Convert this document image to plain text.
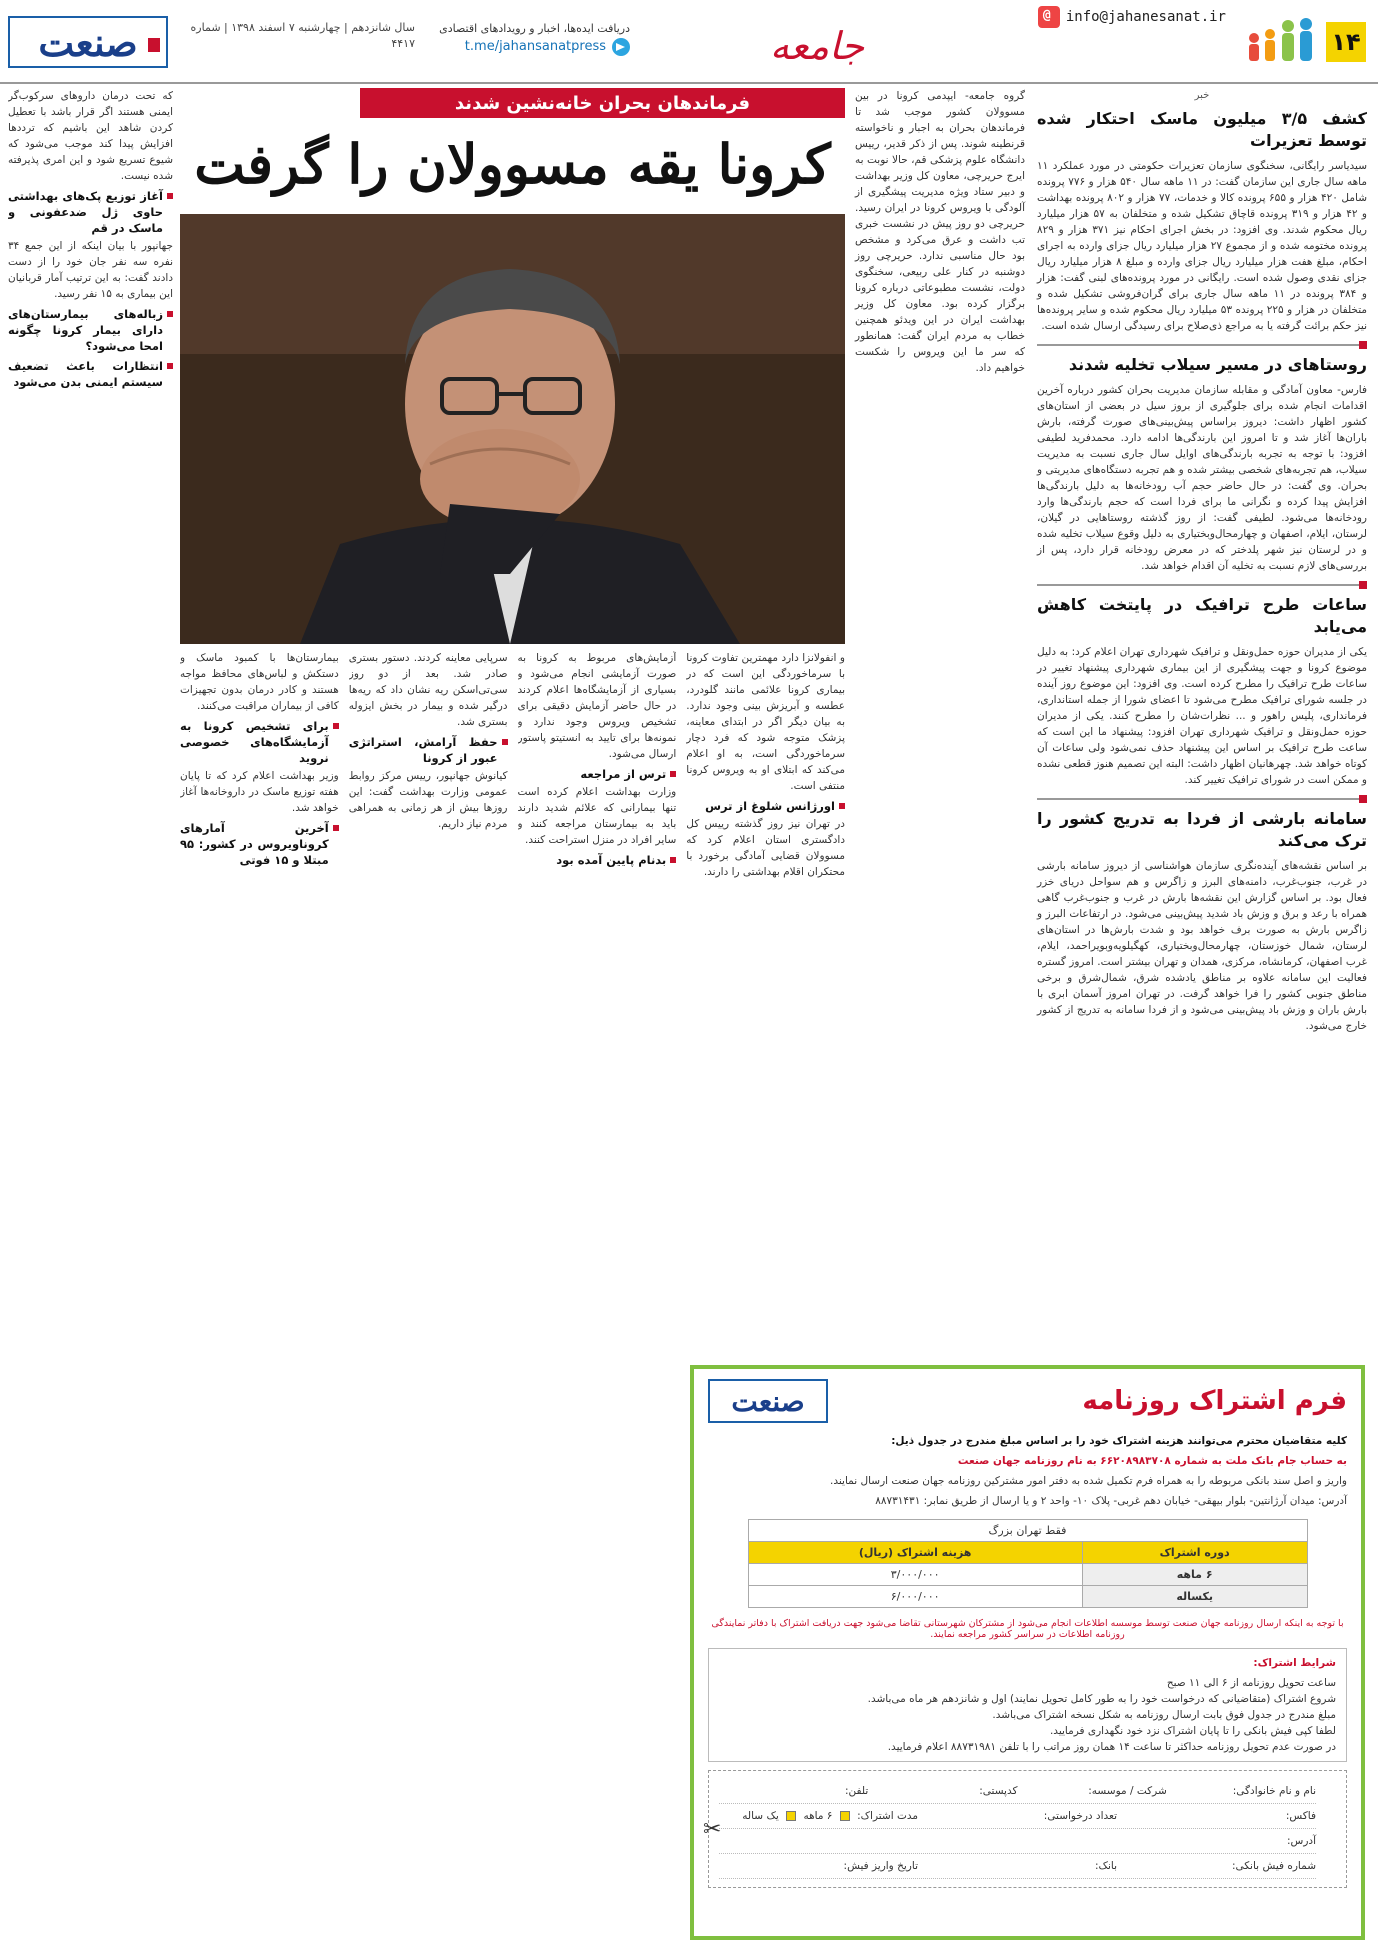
۱۴
@
info@jahanesanat.ir
جامعه
دریافت ایده‌ها، اخبار و رویدادهای اقتصادی
t.me/jahansanatpress
سال شانزدهم | چهارشنبه ۷ اسفند ۱۳۹۸ | شماره ۴۴۱۷
صنعت
خبر
کشف ۳/۵ میلیون ماسک احتکار شده توسط تعزیرات
سیدیاسر رایگانی، سخنگوی سازمان تعزیرات حکومتی در مورد عملکرد ۱۱ ماهه سال جاری این سازمان گفت: در ۱۱ ماهه سال ۵۴۰ هزار و ۷۷۶ پرونده شامل ۴۲۰ هزار و ۶۵۵ پرونده کالا و خدمات، ۷۷ هزار و ۸۰۲ پرونده بهداشت و ۴۲ هزار و ۳۱۹ پرونده قاچاق تشکیل شده و متخلفان به ۵۷ هزار میلیارد ریال محکوم شدند. وی افزود: در بخش اجرای احکام نیز ۳۷۱ هزار و ۸۲۹ پرونده مختومه شده و از مجموع ۲۷ هزار میلیارد ریال جزای وارده به اجرای احکام، مبلغ هفت هزار میلیارد ریال جزای وارده و مبلغ ۸ هزار میلیارد ریال جزای نقدی وصول شده است. رایگانی در مورد پرونده‌های لبنی گفت: هزار و ۳۸۴ پرونده در ۱۱ ماهه سال جاری برای گران‌فروشی تشکیل شده و متخلفان در هزار و ۲۲۵ پرونده ۵۳ میلیارد ریال محکوم شده و سایر پرونده‌ها نیز حکم برائت گرفته یا به مراجع ذی‌صلاح برای رسیدگی ارسال شده است.
روستاهای در مسیر سیلاب تخلیه شدند
فارس- معاون آمادگی و مقابله سازمان مدیریت بحران کشور درباره آخرین اقدامات انجام شده برای جلوگیری از بروز سیل در بعضی از استان‌های کشور اظهار داشت: دیروز براساس پیش‌بینی‌های صورت گرفته، بارش باران‌ها آغاز شد و تا امروز این بارندگی‌ها ادامه دارد. محمدفرید لطیفی افزود: با توجه به تجربه بارندگی‌های اوایل سال جاری نسبت به مدیریت سیلاب، هم تجربه‌های شخصی بیشتر شده و هم تجربه دستگاه‌های مدیریتی و بحران. وی گفت: در حال حاضر حجم آب رودخانه‌ها به دلیل بارندگی‌ها افزایش پیدا کرده و نگرانی ما برای فردا است که حجم بارندگی‌ها وارد رودخانه‌ها می‌شود. لطیفی گفت: از روز گذشته روستاهایی در گیلان، لرستان، ایلام، اصفهان و چهارمحال‌وبختیاری به دلیل وقوع سیلاب تخلیه شده و در لرستان نیز شهر پلدختر که در معرض رودخانه قرار دارد، پس از بررسی‌های لازم نسبت به تخلیه آن اقدام خواهد شد.
ساعات طرح ترافیک در پایتخت کاهش می‌یابد
یکی از مدیران حوزه حمل‌ونقل و ترافیک شهرداری تهران اعلام کرد: به دلیل موضوع کرونا و جهت پیشگیری از این بیماری شهرداری پیشنهاد تغییر در ساعات طرح ترافیک را مطرح کرده است. وی افزود: این موضوع روز آینده در جلسه شورای ترافیک مطرح می‌شود تا اعضای شورا از جمله استانداری، فرمانداری، پلیس راهور و ... نظرات‌شان را مطرح کنند. یکی از مدیران حوزه حمل‌ونقل و ترافیک شهرداری تهران افزود: پیشنهاد ما این است که ساعت طرح ترافیک بر اساس این پیشنهاد حذف نمی‌شود ولی ساعات آن کوتاه خواهد شد. چهرهانیان اظهار داشت: البته این تصمیم هنوز قطعی نشده و ممکن است در شورای ترافیک تغییر کند.
سامانه بارشی از فردا به تدریج کشور را ترک می‌کند
بر اساس نقشه‌های آینده‌نگری سازمان هواشناسی از دیروز سامانه بارشی در غرب، جنوب‌غرب، دامنه‌های البرز و زاگرس و هم ‌سواحل دریای خزر فعال بود. بر اساس گزارش این نقشه‌ها بارش در غرب و جنوب‌غرب گاهی همراه با رعد و برق و وزش باد شدید پیش‌بینی می‌شود. در ارتفاعات البرز و زاگرس بارش به صورت برف خواهد بود و شدت بارش‌ها در استان‌های لرستان، شمال خوزستان، چهارمحال‌وبختیاری، کهگیلویه‌وبویراحمد، ایلام، غرب اصفهان، کرمانشاه، مرکزی، همدان و تهران بیشتر است. امروز گستره فعالیت این سامانه علاوه بر مناطق یادشده شرق، شمال‌شرق و برخی مناطق جنوبی کشور را فرا خواهد گرفت. در تهران امروز آسمان ابری با بارش باران و وزش باد پیش‌بینی می‌شود و از فردا سامانه به تدریج از کشور خارج می‌شود.
فرماندهان بحران خانه‌نشین شدند
کرونا یقه مسوولان را گرفت
گروه جامعه- ایپدمی کرونا در بین مسوولان کشور موجب شد تا فرماندهان بحران به اجبار و ناخواسته قرنطینه شوند. پس از ذکر قدیر، رییس دانشگاه علوم پزشکی قم، حالا نوبت به ایرج حریرچی، معاون کل وزیر بهداشت و دبیر ستاد ویژه مدیریت پیشگیری از آلودگی با ویروس کرونا در ایران رسید. حریرچی دو روز پیش در نشست خبری تب داشت و عرق می‌کرد و مشخص بود حال مناسبی ندارد. حریرچی روز دوشنبه در کنار علی ربیعی، سخنگوی دولت، نشست مطبوعاتی درباره کرونا برگزار کرده بود. معاون کل وزیر بهداشت ایران در این ویدئو همچنین خطاب به مردم ایران گفت: همانطور که سر ما این ویروس را شکست خواهیم داد.

و انفولانزا دارد مهمترین تفاوت کرونا با سرماخوردگی این است که در بیماری کرونا علائمی مانند گلودرد، عطسه و آبریزش بینی وجود ندارد. به بیان دیگر اگر در ابتدای معاینه، پزشک متوجه شود که فرد دچار سرماخوردگی است، به او اعلام می‌کند که ابتلای او به ویروس کرونا منتفی است.

اورژانس شلوغ از ترس

در تهران نیز روز گذشته رییس کل دادگستری استان اعلام کرد که مسوولان قضایی آمادگی برخورد با محتکران اقلام بهداشتی را دارند.

آزمایش‌های مربوط به کرونا به صورت آزمایشی انجام می‌شود و بسیاری از آزمایشگاه‌ها اعلام کردند در حال حاضر آزمایش دقیقی برای تشخیص ویروس وجود ندارد و نمونه‌ها برای تایید به انستیتو پاستور ارسال می‌شود.

ترس از مراجعه

وزارت بهداشت اعلام کرده است تنها بیمارانی که علائم شدید دارند باید به بیمارستان مراجعه کنند و سایر افراد در منزل استراحت کنند.

بدنام پایین آمده بود

سرپایی معاینه کردند. دستور بستری صادر شد. بعد از دو روز سی‌تی‌اسکن ریه نشان داد که ریه‌ها درگیر شده و بیمار در بخش ایزوله بستری شد.

حفظ آرامش، استراتژی عبور از کرونا

کیانوش جهانپور، رییس مرکز روابط عمومی وزارت بهداشت گفت: این روزها بیش از هر زمانی به همراهی مردم نیاز داریم.

بیمارستان‌ها با کمبود ماسک و دستکش و لباس‌های محافظ مواجه هستند و کادر درمان بدون تجهیزات کافی از بیماران مراقبت می‌کنند.

برای تشخیص کرونا به آزمایشگاه‌های خصوصی نروید

وزیر بهداشت اعلام کرد که تا پایان هفته توزیع ماسک در داروخانه‌ها آغاز خواهد شد.

آخرین آمارهای کروناویروس در کشور: ۹۵ مبتلا و ۱۵ فوتی

که تحت درمان داروهای سرکوب‌گر ایمنی هستند اگر قرار باشد با تعطیل کردن شاهد این باشیم که تردد‌ها افزایش پیدا کند موجب می‌شود که شیوع تسریع شود و این امری پذیرفته شده نیست.

آغاز توزیع پک‌های بهداشتی حاوی ژل ضدعفونی و ماسک در قم

جهانپور با بیان اینکه از این جمع ۳۴ نفره سه نفر جان خود را از دست دادند گفت: به این ترتیب آمار قربانیان این بیماری به ۱۵ نفر رسید.

زباله‌های بیمارستان‌های دارای بیمار کرونا چگونه امحا می‌شود؟
انتظارات باعث تضعیف سیستم ایمنی بدن می‌شود
فرم اشتراک روزنامه
صنعت
کلیه متقاضیان محترم می‌توانند هزینه اشتراک خود را بر اساس مبلغ مندرج در جدول ذیل:
به حساب جام بانک ملت به شماره ۶۶۲۰۸۹۸۳۷۰۸ به نام روزنامه جهان صنعت
واریز و اصل سند بانکی مربوطه را به همراه فرم تکمیل شده به دفتر امور مشترکین روزنامه جهان صنعت ارسال نمایند.
آدرس: میدان آرژانتین- بلوار بیهقی- خیابان دهم غربی- پلاک ۱۰- واحد ۲ و یا ارسال از طریق نمابر: ۸۸۷۳۱۴۳۱
فقط تهران بزرگ	
دوره اشتراک	هزینه اشتراک (ریال)
۶ ماهه	۳/۰۰۰/۰۰۰
یکساله	۶/۰۰۰/۰۰۰
با توجه به اینکه ارسال روزنامه جهان صنعت توسط موسسه اطلاعات انجام می‌شود از مشترکان شهرستانی تقاضا می‌شود جهت دریافت اشتراک با دفاتر نمایندگی روزنامه اطلاعات در سراسر کشور مراجعه نمایند.
شرایط اشتراک:
ساعت تحویل روزنامه از ۶ الی ۱۱ صبح
شروع اشتراک (متقاضیانی که درخواست خود را به طور کامل تحویل نمایند) اول و شانزدهم هر ماه می‌باشد.
مبلغ مندرج در جدول فوق بابت ارسال روزنامه به شکل نسخه اشتراک می‌باشد.
لطفا کپی فیش بانکی را تا پایان اشتراک نزد خود نگهداری فرمایید.
در صورت عدم تحویل روزنامه حداکثر تا ساعت ۱۴ همان روز مراتب را با تلفن ۸۸۷۳۱۹۸۱ اعلام فرمایید.
✂
نام و نام خانوادگی:
شرکت / موسسه:
کدپستی:
تلفن:
فاکس:
تعداد درخواستی:
مدت اشتراک:  ۶ ماهه  یک ساله
آدرس:
شماره فیش بانکی:
بانک:
تاریخ واریز فیش:
